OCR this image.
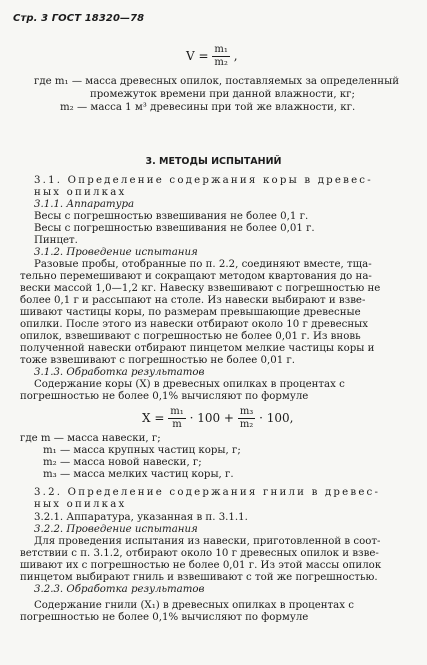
Стр. 3 ГОСТ 18320—78
$V = \frac{\text{m₁}}{\text{m₂}}$ ,
где m₁ — масса древесных опилок, поставляемых за определенный
промежуток времени при данной влажности, кг;
m₂ — масса 1 м³ древесины при той же влажности, кг.
3. МЕТОДЫ ИСПЫТАНИЙ
3.1. Определение содержания коры в древес-
ных опилках
3.1.1. Аппаратура
Весы с погрешностью взвешивания не более 0,1 г.
Весы с погрешностью взвешивания не более 0,01 г.
Пинцет.
3.1.2. Проведение испытания
Разовые пробы, отобранные по п. 2.2, соединяют вместе, тща-
тельно перемешивают и сокращают методом квартования до на-
вески массой 1,0—1,2 кг. Навеску взвешивают с погрешностью не
более 0,1 г и рассыпают на столе. Из навески выбирают и взве-
шивают частицы коры, по размерам превышающие древесные
опилки. После этого из навески отбирают около 10 г древесных
опилок, взвешивают с погрешностью не более 0,01 г. Из вновь
полученной навески отбирают пинцетом мелкие частицы коры и
тоже взвешивают с погрешностью не более 0,01 г.
3.1.3. Обработка результатов
Содержание коры (X) в древесных опилках в процентах с
погрешностью не более 0,1% вычисляют по формуле
$X = \frac{\text{m₁}}{m} \cdot 100 + \frac{\text{m₃}}{\text{m₂}} \cdot 100$,
где m — масса навески, г;
m₁ — масса крупных частиц коры, г;
m₂ — масса новой навески, г;
m₃ — масса мелких частиц коры, г.
3.2. Определение содержания гнили в древес-
ных опилках
3.2.1. Аппаратура, указанная в п. 3.1.1.
3.2.2. Проведение испытания
Для проведения испытания из навески, приготовленной в соот-
ветствии с п. 3.1.2, отбирают около 10 г древесных опилок и взве-
шивают их с погрешностью не более 0,01 г. Из этой массы опилок
пинцетом выбирают гниль и взвешивают с той же погрешностью.
3.2.3. Обработка результатов
Содержание гнили (X₁) в древесных опилках в процентах с
погрешностью не более 0,1% вычисляют по формуле
